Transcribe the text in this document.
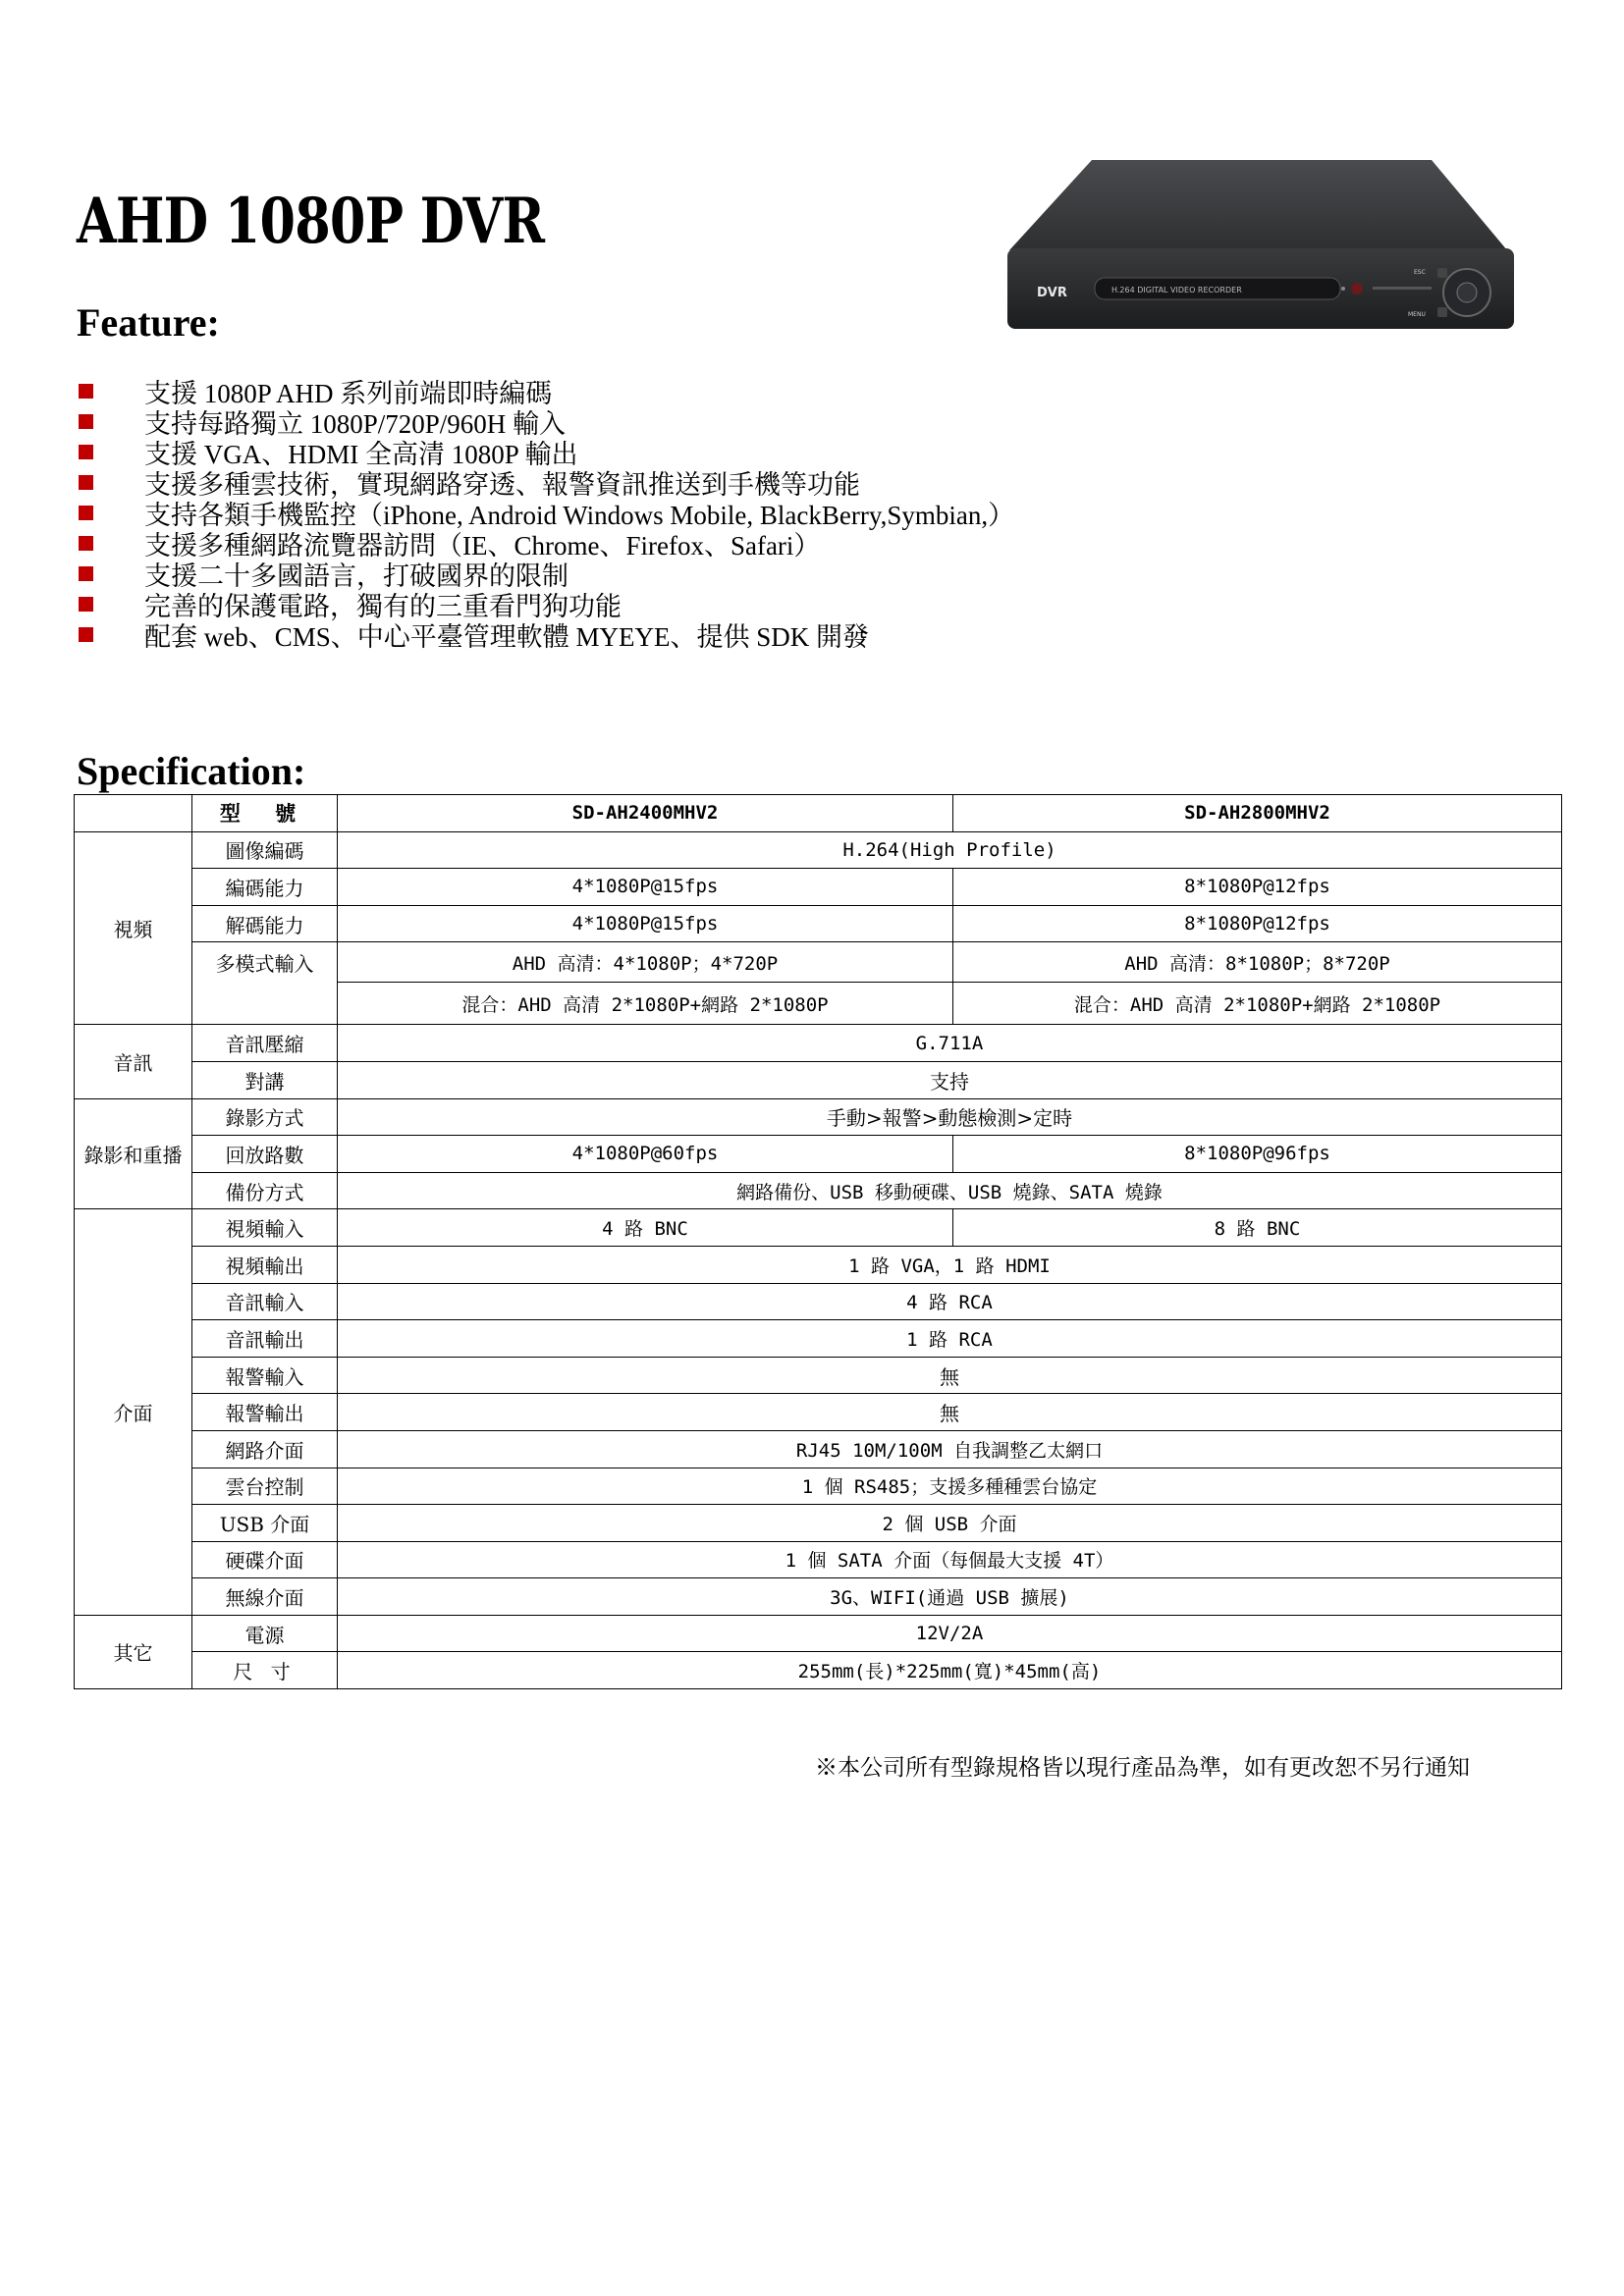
AHD 1080P DVR
H.264 DIGITAL VIDEO RECORDER
DVR
ESC
MENU
Feature:
支援 1080P AHD 系列前端即時編碼
支持每路獨立 1080P/720P/960H 輸入
支援 VGA、HDMI 全高清 1080P 輸出
支援多種雲技術，實現網路穿透、報警資訊推送到手機等功能
支持各類手機監控（iPhone, Android Windows Mobile, BlackBerry,Symbian,）
支援多種網路流覽器訪問（IE、Chrome、Firefox、Safari）
支援二十多國語言，打破國界的限制
完善的保護電路，獨有的三重看門狗功能
配套 web、CMS、中心平臺管理軟體 MYEYE、提供 SDK 開發
Specification:
	型 號	SD-AH2400MHV2	SD-AH2800MHV2
視頻	圖像編碼	H.264(High Profile)	
	編碼能力	4*1080P@15fps	8*1080P@12fps
	解碼能力	4*1080P@15fps	8*1080P@12fps
	多模式輸入	AHD 高清：4*1080P；4*720P	AHD 高清：8*1080P；8*720P
		混合：AHD 高清 2*1080P+網路 2*1080P	混合：AHD 高清 2*1080P+網路 2*1080P
音訊	音訊壓縮	G.711A	
	對講	支持	
錄影和重播	錄影方式	手動>報警>動態檢測>定時	
	回放路數	4*1080P@60fps	8*1080P@96fps
	備份方式	網路備份、USB 移動硬碟、USB 燒錄、SATA 燒錄	
介面	視頻輸入	4 路 BNC	8 路 BNC
	視頻輸出	1 路 VGA，1 路 HDMI	
	音訊輸入	4 路 RCA	
	音訊輸出	1 路 RCA	
	報警輸入	無	
	報警輸出	無	
	網路介面	RJ45 10M/100M 自我調整乙太網口	
	雲台控制	1 個 RS485；支援多種種雲台協定	
	USB 介面	2 個 USB 介面	
	硬碟介面	1 個 SATA 介面（每個最大支援 4T）	
	無線介面	3G、WIFI(通過 USB 擴展)	
其它	電源	12V/2A	
	尺 寸	255mm(長)*225mm(寬)*45mm(高)	
※本公司所有型錄規格皆以現行產品為準，如有更改恕不另行通知
